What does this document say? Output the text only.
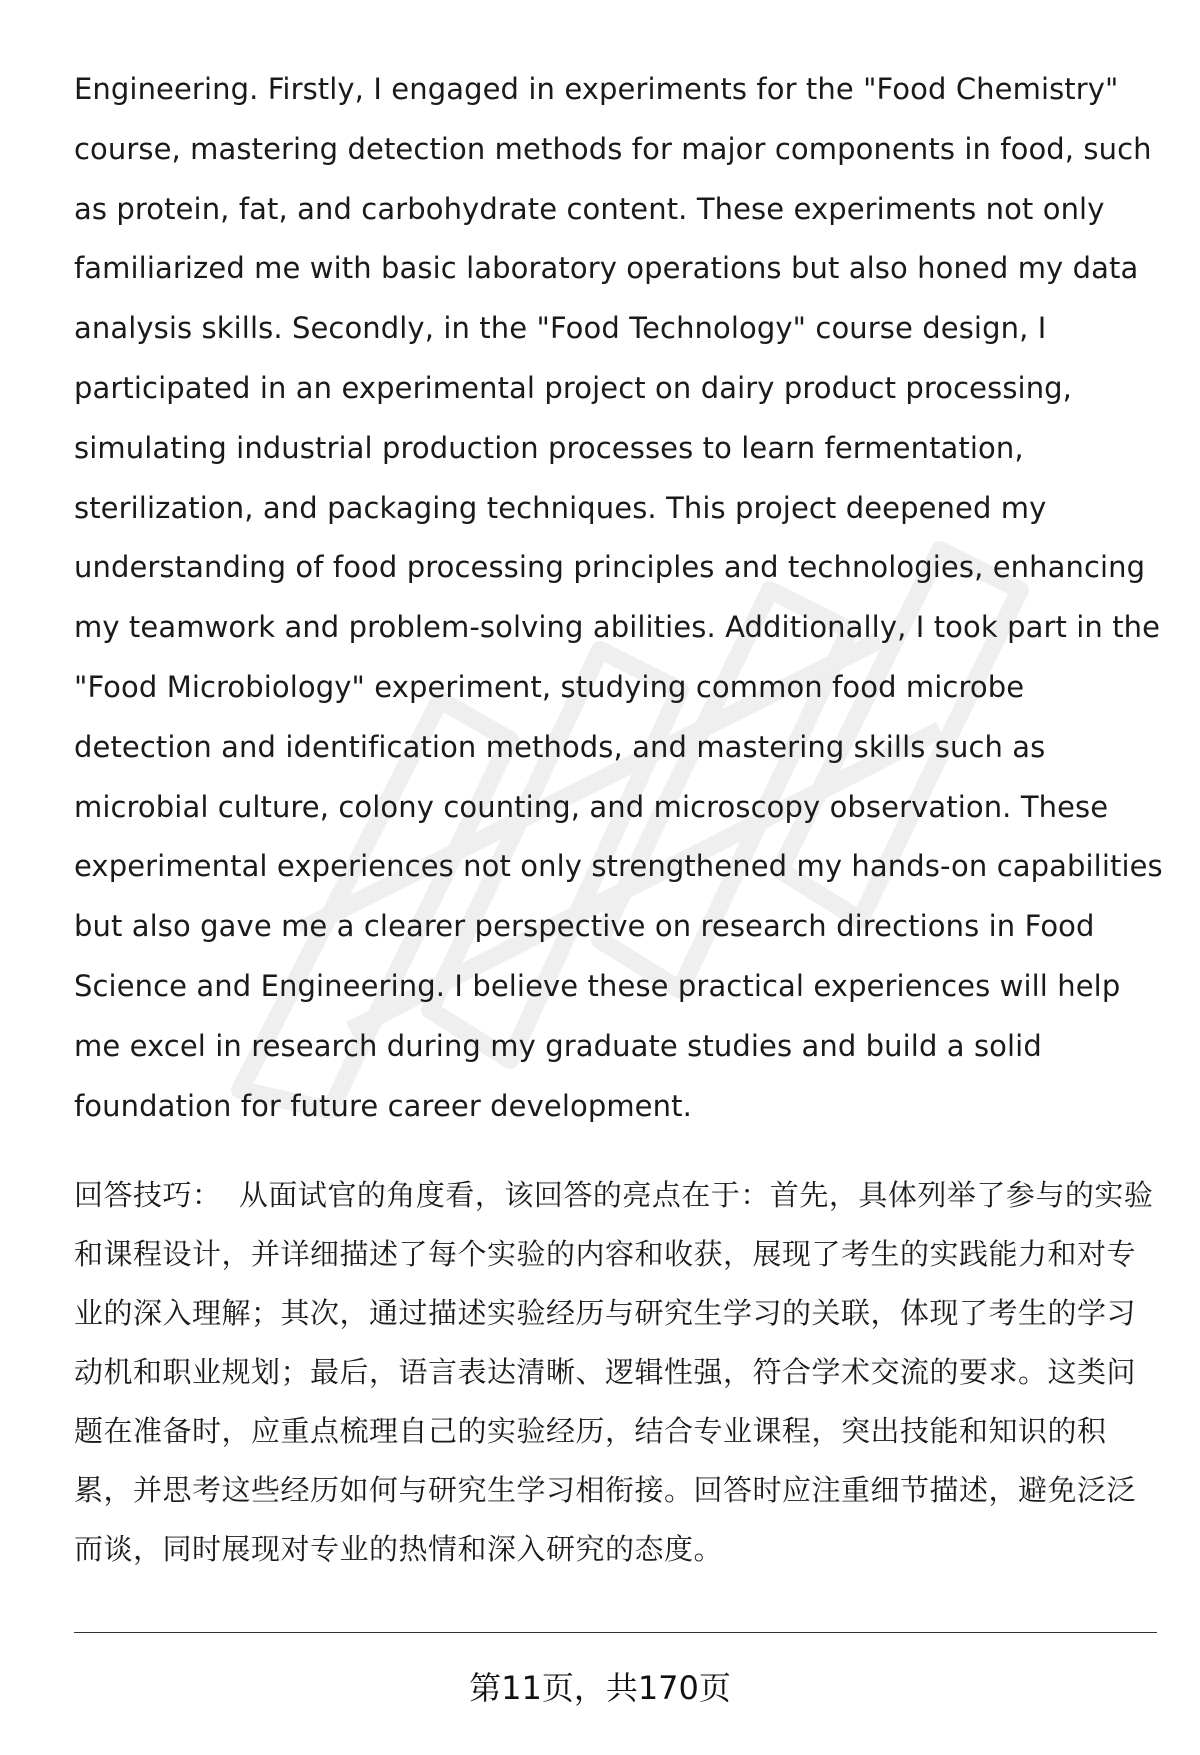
Engineering. Firstly, I engaged in experiments for the "Food Chemistry" course, mastering detection methods for major components in food, such as protein, fat, and carbohydrate content. These experiments not only familiarized me with basic laboratory operations but also honed my data analysis skills. Secondly, in the "Food Technology" course design, I participated in an experimental project on dairy product processing, simulating industrial production processes to learn fermentation, sterilization, and packaging techniques. This project deepened my understanding of food processing principles and technologies, enhancing my teamwork and problem-solving abilities. Additionally, I took part in the "Food Microbiology" experiment, studying common food microbe detection and identification methods, and mastering skills such as microbial culture, colony counting, and microscopy observation. These experimental experiences not only strengthened my hands-on capabilities but also gave me a clearer perspective on research directions in Food Science and Engineering. I believe these practical experiences will help me excel in research during my graduate studies and build a solid foundation for future career development.

回答技巧： 从面试官的角度看，该回答的亮点在于：首先，具体列举了参与的实验和课程设计，并详细描述了每个实验的内容和收获，展现了考生的实践能力和对专业的深入理解；其次，通过描述实验经历与研究生学习的关联，体现了考生的学习动机和职业规划；最后，语言表达清晰、逻辑性强，符合学术交流的要求。这类问题在准备时，应重点梳理自己的实验经历，结合专业课程，突出技能和知识的积累，并思考这些经历如何与研究生学习相衔接。回答时应注重细节描述，避免泛泛而谈，同时展现对专业的热情和深入研究的态度。

第11页，共170页
